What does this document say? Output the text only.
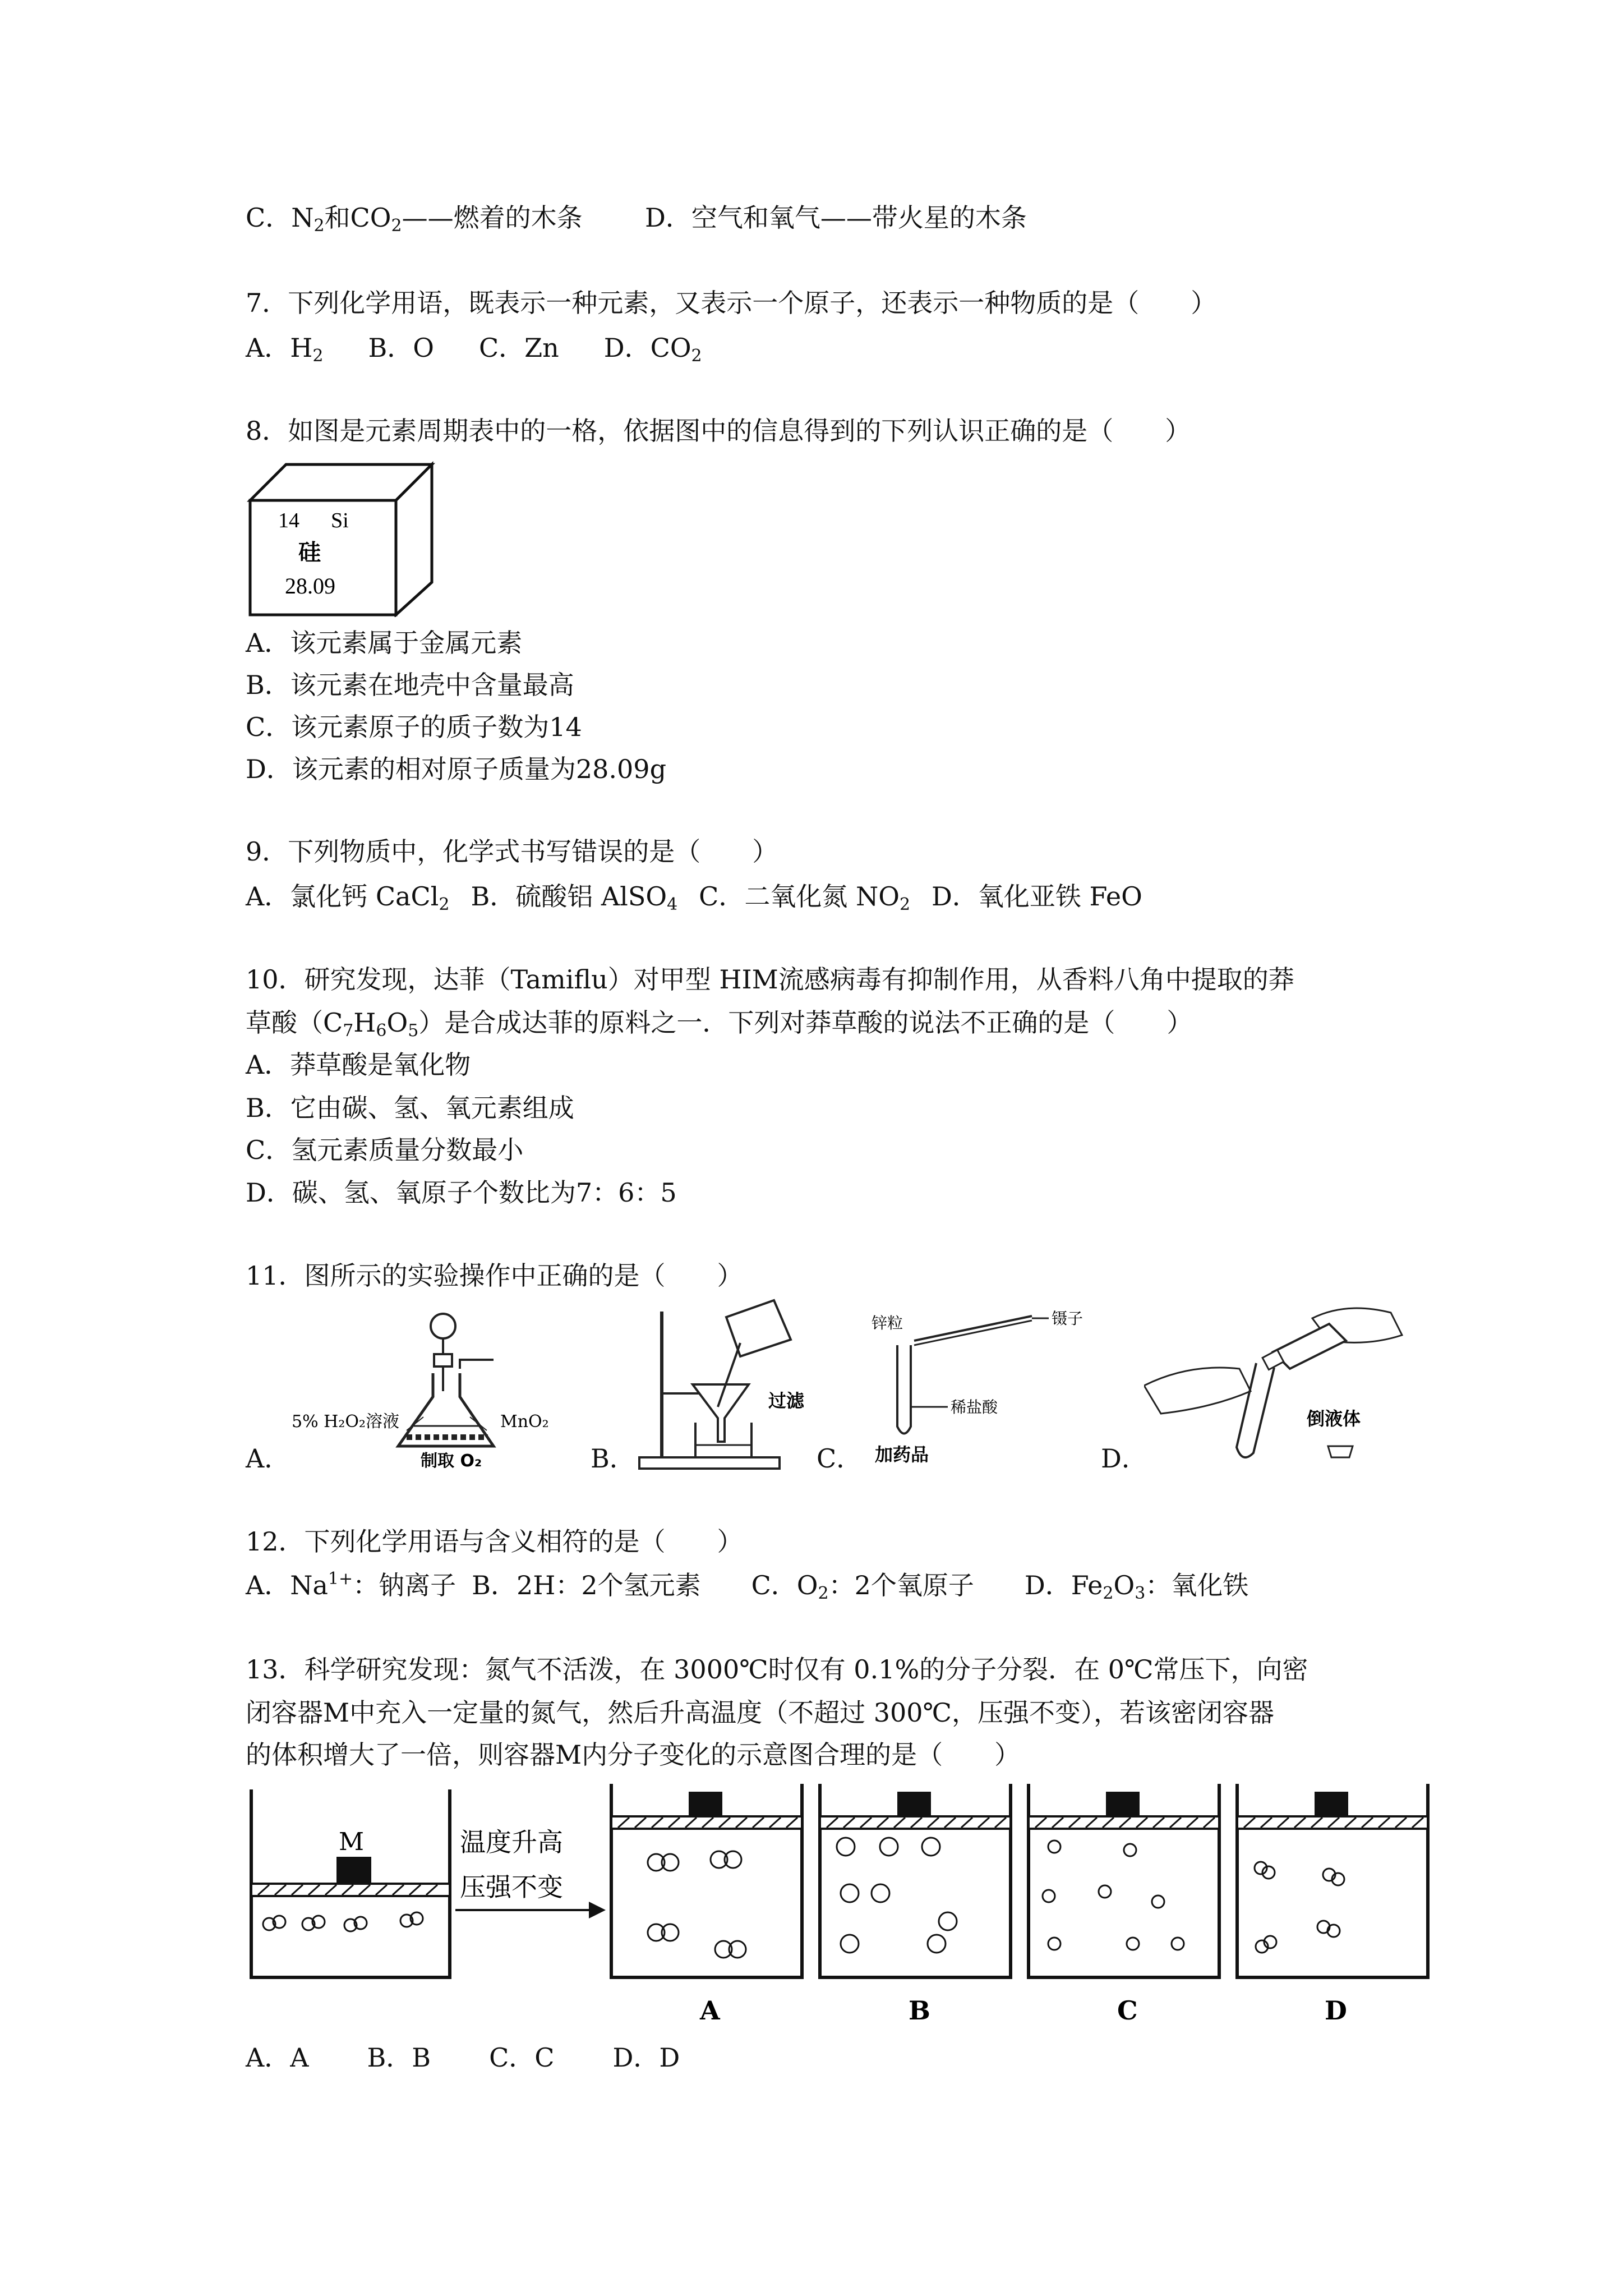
C．$N_2$和$CO_2——$燃着的木条 D．空气和氧气——带火星的木条
7．下列化学用语，既表示一种元素，又表示一个原子，还表示一种物质的是（　　）
A．$H_2$ B．O C．Zn D．$CO_2$
8．如图是元素周期表中的一格，依据图中的信息得到的下列认识正确的是（　　）
14 Si
硅
28.09
A．该元素属于金属元素
B．该元素在地壳中含量最高
C．该元素原子的质子数为14
D．该元素的相对原子质量为28.09g
9．下列物质中，化学式书写错误的是（　　）
A．氯化钙 CaCl$_2$ B．硫酸铝 AlSO$_4$ C．二氧化氮 $NO_2$ D．氧化亚铁 FeO
10．研究发现，达菲（Tamiflu）对甲型 HIM流感病毒有抑制作用，从香料八角中提取的莽
草酸$(C_7H_6O_5)$是合成达菲的原料之一．下列对莽草酸的说法不正确的是（　　）
A．莽草酸是氧化物
B．它由碳、氢、氧元素组成
C．氢元素质量分数最小
D．碳、氢、氧原子个数比为7：6：5
11．图所示的实验操作中正确的是（　　）
A．
5% H₂O₂溶液	MnO₂
制取 O₂	B．
过滤
C．
锌粒	镊子
稀盐酸
加药品	D．
倒液体
12．下列化学用语与含义相符的是（　　）
A．$Na^{1+}$：钠离子 B．2H：2个氢元素 C．$O_2$：2个氧原子 D．$Fe_2O_3$：氧化铁
13．科学研究发现：氮气不活泼，在 3000℃时仅有 0.1%的分子分裂．在 0℃常压下，向密
闭容器M中充入一定量的氮气，然后升高温度（不超过 300℃，压强不变），若该密闭容器
的体积增大了一倍，则容器M内分子变化的示意图合理的是（　　）
M	温度升高
压强不变
A	B	C	D
A．A B．B C．C D．D
